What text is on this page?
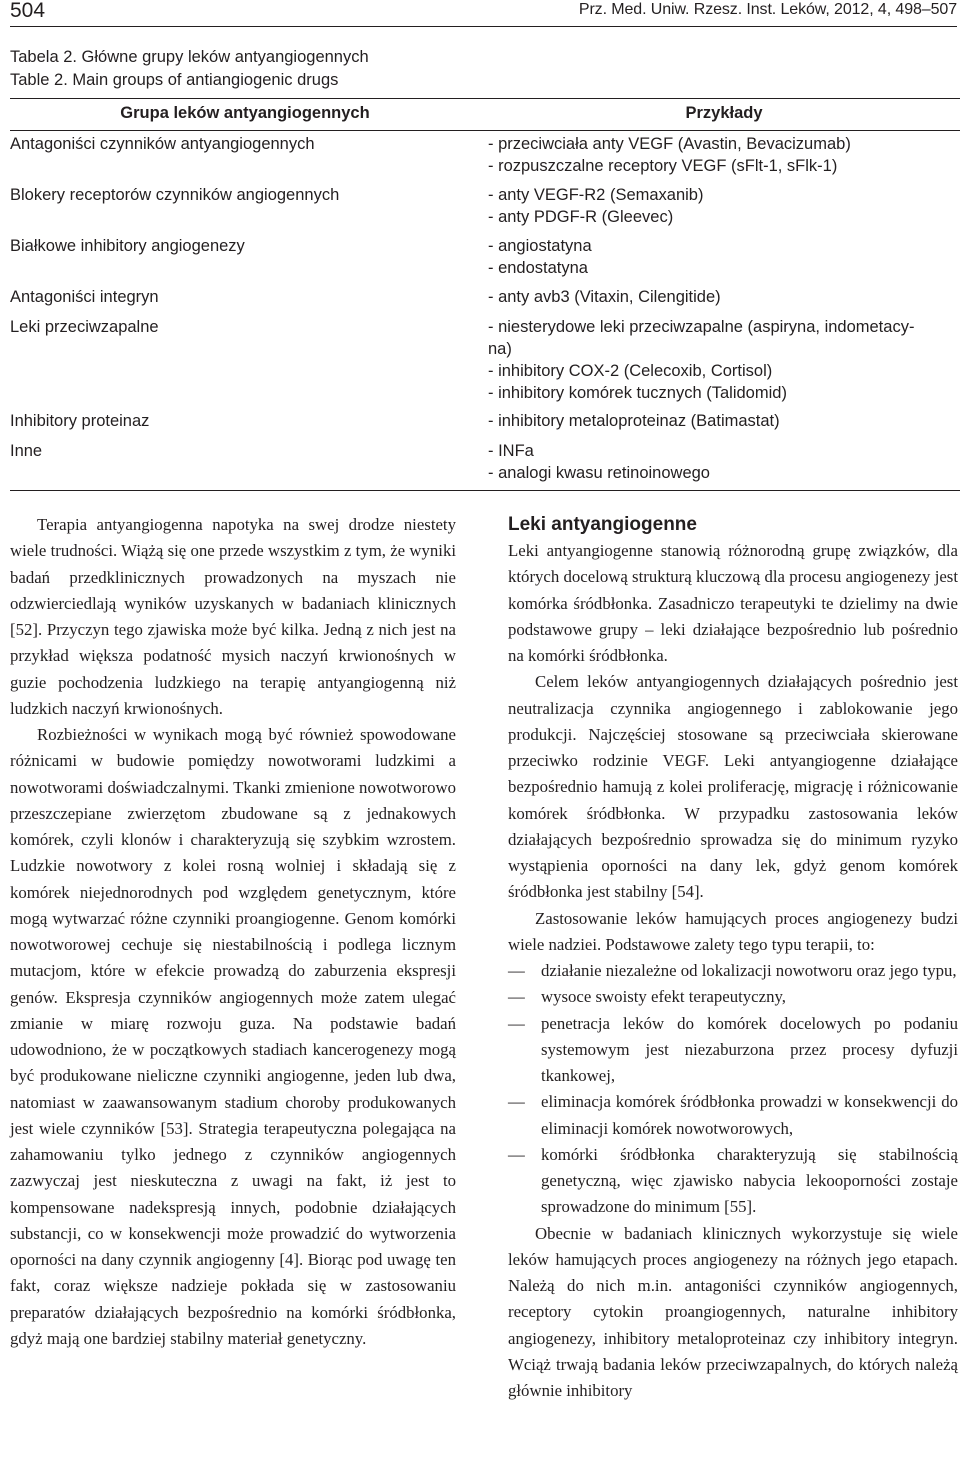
504	Prz. Med. Uniw. Rzesz. Inst. Leków, 2012, 4, 498–507
Tabela 2. Główne grupy leków antyangiogennych
Table 2. Main groups of antiangiogenic drugs
Grupa leków antyangiogennych	Przykłady
Antagoniści czynników antyangiogennych	- przeciwciała anty VEGF (Avastin, Bevacizumab)
- rozpuszczalne receptory VEGF (sFlt-1, sFlk-1)
Blokery receptorów czynników angiogennych	- anty VEGF-R2 (Semaxanib)
- anty PDGF-R (Gleevec)
Białkowe inhibitory angiogenezy	- angiostatyna
- endostatyna
Antagoniści integryn	- anty avb3 (Vitaxin, Cilengitide)
Leki przeciwzapalne	- niesterydowe leki przeciwzapalne (aspiryna, indometacy-
na)
- inhibitory COX-2 (Celecoxib, Cortisol)
- inhibitory komórek tucznych (Talidomid)
Inhibitory proteinaz	- inhibitory metaloproteinaz (Batimastat)
Inne	- INFa
- analogi kwasu retinoinowego

Terapia antyangiogenna napotyka na swej drodze niestety wiele trudności. Wiążą się one przede wszystkim z tym, że wyniki badań przedklinicznych prowadzonych na myszach nie odzwierciedlają wyników uzyskanych w badaniach klinicznych [52]. Przyczyn tego zjawiska może być kilka. Jedną z nich jest na przykład większa podatność mysich naczyń krwionośnych w guzie pochodzenia ludzkiego na terapię antyangiogenną niż ludzkich naczyń krwionośnych.

Rozbieżności w wynikach mogą być również spowodowane różnicami w budowie pomiędzy nowotworami ludzkimi a nowotworami doświadczalnymi. Tkanki zmienione nowotworowo przeszczepiane zwierzętom zbudowane są z jednakowych komórek, czyli klonów i charakteryzują się szybkim wzrostem. Ludzkie nowotwory z kolei rosną wolniej i składają się z komórek niejednorodnych pod względem genetycznym, które mogą wytwarzać różne czynniki proangiogenne. Genom komórki nowotworowej cechuje się niestabilnością i podlega licznym mutacjom, które w efekcie prowadzą do zaburzenia ekspresji genów. Ekspresja czynników angiogennych może zatem ulegać zmianie w miarę rozwoju guza. Na podstawie badań udowodniono, że w początkowych stadiach kancerogenezy mogą być produkowane nieliczne czynniki angiogenne, jeden lub dwa, natomiast w zaawansowanym stadium choroby produkowanych jest wiele czynników [53]. Strategia terapeutyczna polegająca na zahamowaniu tylko jednego z czynników angiogennych zazwyczaj jest nieskuteczna z uwagi na fakt, iż jest to kompensowane nadekspresją innych, podobnie działających substancji, co w konsekwencji może prowadzić do wytworzenia oporności na dany czynnik angiogenny [4]. Biorąc pod uwagę ten fakt, coraz większe nadzieje pokłada się w zastosowaniu preparatów działających bezpośrednio na komórki śródbłonka, gdyż mają one bardziej stabilny materiał genetyczny.

Leki antyangiogenne

Leki antyangiogenne stanowią różnorodną grupę związków, dla których docelową strukturą kluczową dla procesu angiogenezy jest komórka śródbłonka. Zasadniczo terapeutyki te dzielimy na dwie podstawowe grupy – leki działające bezpośrednio lub pośrednio na komórki śródbłonka.

Celem leków antyangiogennych działających pośrednio jest neutralizacja czynnika angiogennego i zablokowanie jego produkcji. Najczęściej stosowane są przeciwciała skierowane przeciwko rodzinie VEGF. Leki antyangiogenne działające bezpośrednio hamują z kolei proliferację, migrację i różnicowanie komórek śródbłonka. W przypadku zastosowania leków działających bezpośrednio sprowadza się do minimum ryzyko wystąpienia oporności na dany lek, gdyż genom komórek śródbłonka jest stabilny [54].

Zastosowanie leków hamujących proces angiogenezy budzi wiele nadziei. Podstawowe zalety tego typu terapii, to:

— działanie niezależne od lokalizacji nowotworu oraz jego typu,
— wysoce swoisty efekt terapeutyczny,
— penetracja leków do komórek docelowych po podaniu systemowym jest niezaburzona przez procesy dyfuzji tkankowej,
— eliminacja komórek śródbłonka prowadzi w konsekwencji do eliminacji komórek nowotworowych,
— komórki śródbłonka charakteryzują się stabilnością genetyczną, więc zjawisko nabycia lekooporności zostaje sprowadzone do minimum [55].

Obecnie w badaniach klinicznych wykorzystuje się wiele leków hamujących proces angiogenezy na różnych jego etapach. Należą do nich m.in. antagoniści czynników angiogennych, receptory cytokin proangiogennych, naturalne inhibitory angiogenezy, inhibitory metaloproteinaz czy inhibitory integryn. Wciąż trwają badania leków przeciwzapalnych, do których należą głównie inhibitory
